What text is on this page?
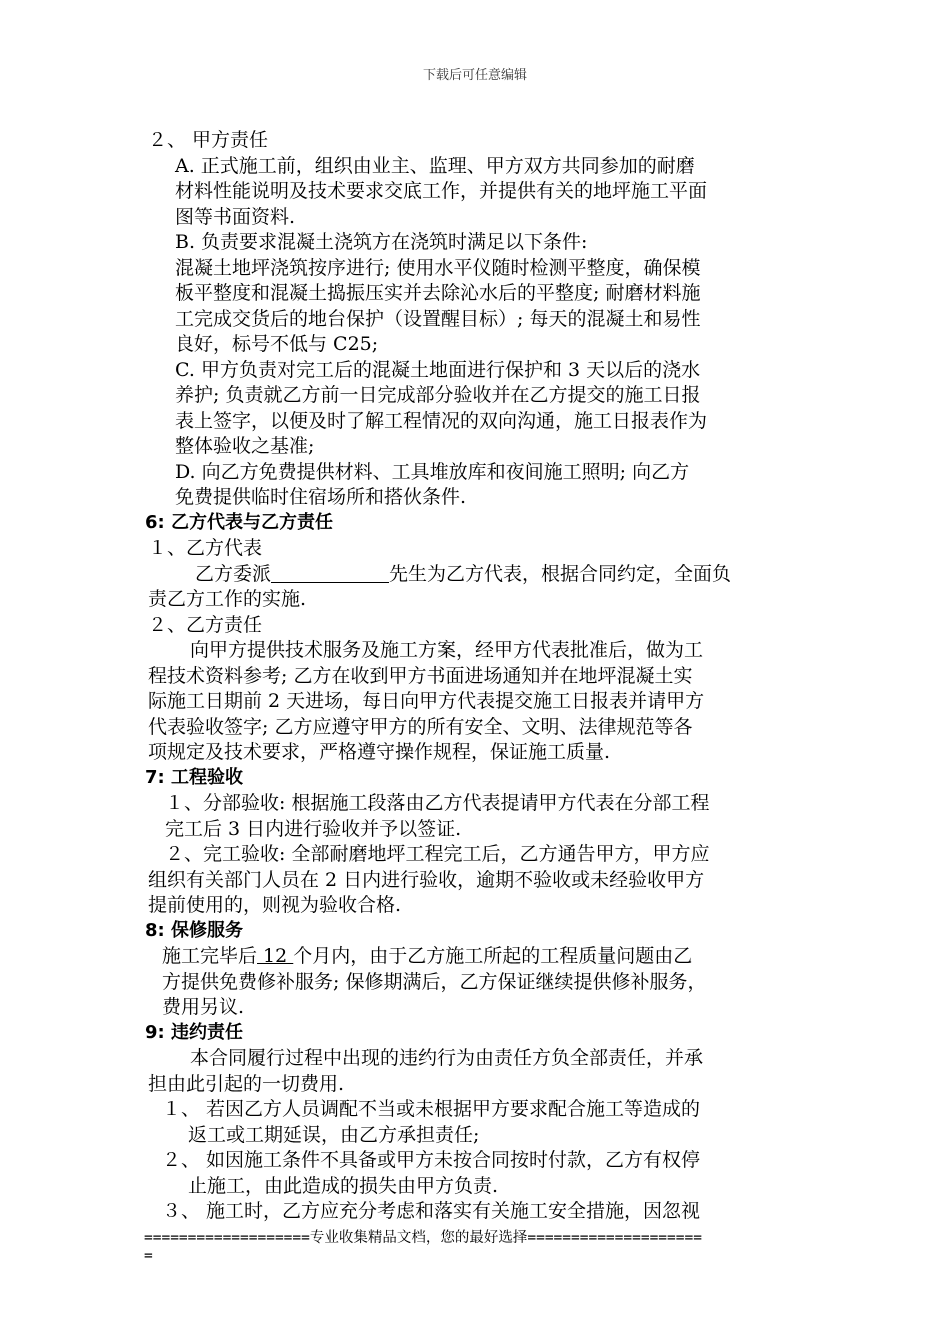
下载后可任意编辑
２、 甲方责任
A. 正式施工前，组织由业主、监理、甲方双方共同参加的耐磨
材料性能说明及技术要求交底工作，并提供有关的地坪施工平面
图等书面资料.
B. 负责要求混凝土浇筑方在浇筑时满足以下条件:
混凝土地坪浇筑按序进行; 使用水平仪随时检测平整度，确保模
板平整度和混凝土捣振压实并去除沁水后的平整度; 耐磨材料施
工完成交货后的地台保护（设置醒目标）; 每天的混凝土和易性
良好，标号不低与 C25;
C. 甲方负责对完工后的混凝土地面进行保护和 3 天以后的浇水
养护; 负责就乙方前一日完成部分验收并在乙方提交的施工日报
表上签字，以便及时了解工程情况的双向沟通，施工日报表作为
整体验收之基准;
D. 向乙方免费提供材料、工具堆放库和夜间施工照明; 向乙方
免费提供临时住宿场所和搭伙条件.
6: 乙方代表与乙方责任
１、乙方代表
乙方委派	先生为乙方代表，根据合同约定，全面负
责乙方工作的实施.
２、乙方责任
向甲方提供技术服务及施工方案，经甲方代表批准后，做为工
程技术资料参考; 乙方在收到甲方书面进场通知并在地坪混凝土实
际施工日期前 2 天进场，每日向甲方代表提交施工日报表并请甲方
代表验收签字; 乙方应遵守甲方的所有安全、文明、法律规范等各
项规定及技术要求，严格遵守操作规程，保证施工质量.
7: 工程验收
１、分部验收: 根据施工段落由乙方代表提请甲方代表在分部工程
完工后 3 日内进行验收并予以签证.
２、完工验收: 全部耐磨地坪工程完工后，乙方通告甲方，甲方应
组织有关部门人员在 2 日内进行验收，逾期不验收或未经验收甲方
提前使用的，则视为验收合格.
8: 保修服务
施工完毕后 12 个月内，由于乙方施工所起的工程质量问题由乙
方提供免费修补服务; 保修期满后，乙方保证继续提供修补服务，
费用另议.
9: 违约责任
本合同履行过程中出现的违约行为由责任方负全部责任，并承
担由此引起的一切费用.
１、 若因乙方人员调配不当或未根据甲方要求配合施工等造成的
返工或工期延误，由乙方承担责任;
２、 如因施工条件不具备或甲方未按合同按时付款，乙方有权停
止施工，由此造成的损失由甲方负责.
３、 施工时，乙方应充分考虑和落实有关施工安全措施，因忽视
===================专业收集精品文档，您的最好选择====================
=
